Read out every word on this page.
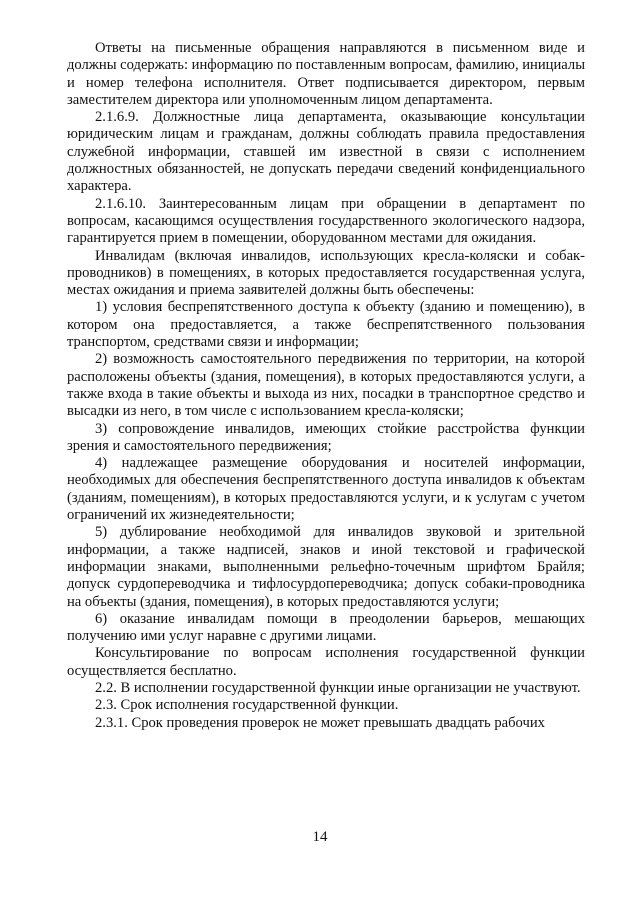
Ответы на письменные обращения направляются в письменном виде и должны содержать: информацию по поставленным вопросам, фамилию, инициалы и номер телефона исполнителя. Ответ подписывается директором, первым заместителем директора или уполномоченным лицом департамента.

2.1.6.9. Должностные лица департамента, оказывающие консультации юридическим лицам и гражданам, должны соблюдать правила предоставления служебной информации, ставшей им известной в связи с исполнением должностных обязанностей, не допускать передачи сведений конфиденциального характера.

2.1.6.10. Заинтересованным лицам при обращении в департамент по вопросам, касающимся осуществления государственного экологического надзора, гарантируется прием в помещении, оборудованном местами для ожидания.

Инвалидам (включая инвалидов, использующих кресла-коляски и собак-проводников) в помещениях, в которых предоставляется государственная услуга, местах ожидания и приема заявителей должны быть обеспечены:

1) условия беспрепятственного доступа к объекту (зданию и помещению), в котором она предоставляется, а также беспрепятственного пользования транспортом, средствами связи и информации;

2) возможность самостоятельного передвижения по территории, на которой расположены объекты (здания, помещения), в которых предоставляются услуги, а также входа в такие объекты и выхода из них, посадки в транспортное средство и высадки из него, в том числе с использованием кресла-коляски;

3) сопровождение инвалидов, имеющих стойкие расстройства функции зрения и самостоятельного передвижения;

4) надлежащее размещение оборудования и носителей информации, необходимых для обеспечения беспрепятственного доступа инвалидов к объектам (зданиям, помещениям), в которых предоставляются услуги, и к услугам с учетом ограничений их жизнедеятельности;

5) дублирование необходимой для инвалидов звуковой и зрительной информации, а также надписей, знаков и иной текстовой и графической информации знаками, выполненными рельефно-точечным шрифтом Брайля; допуск сурдопереводчика и тифлосурдопереводчика; допуск собаки-проводника на объекты (здания, помещения), в которых предоставляются услуги;

6) оказание инвалидам помощи в преодолении барьеров, мешающих получению ими услуг наравне с другими лицами.

Консультирование по вопросам исполнения государственной функции осуществляется бесплатно.

2.2. В исполнении государственной функции иные организации не участвуют.

2.3. Срок исполнения государственной функции.

2.3.1. Срок проведения проверок не может превышать двадцать рабочих

14
